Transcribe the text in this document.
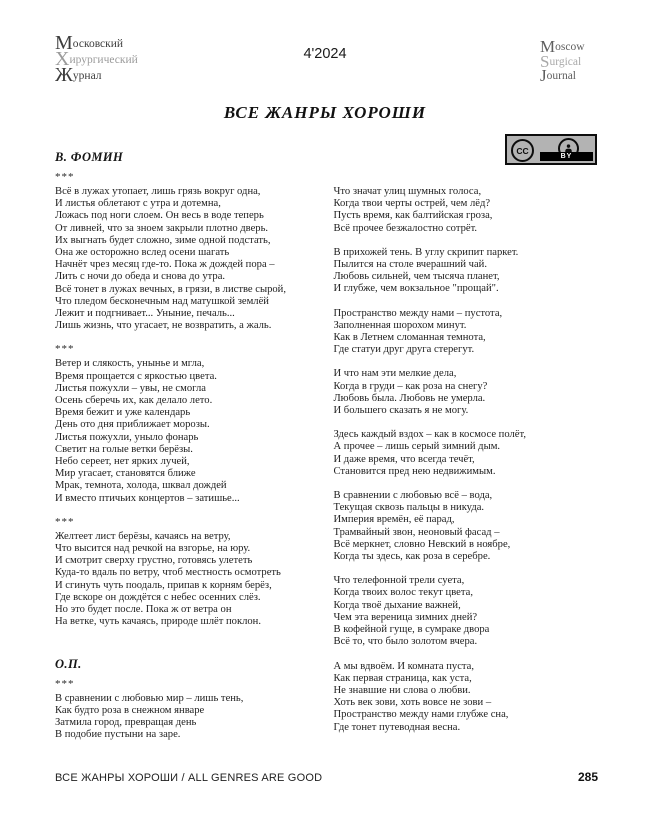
Московский
Хирургический
Журнал
4'2024	Moscow
Surgical
Journal
ВСЕ ЖАНРЫ ХОРОШИ
CC
BY
В. ФОМИН
***
Всё в лужах утопает, лишь грязь вокруг одна,
И листья облетают с утра и дотемна,
Ложась под ноги слоем. Он весь в воде теперь
От ливней, что за зноем закрыли плотно дверь.
Их выгнать будет сложно, зиме одной подстать,
Она же осторожно вслед осени шагать
Начнёт чрез месяц где-то. Пока ж дождей пора –
Лить с ночи до обеда и снова до утра.
Всё тонет в лужах вечных, в грязи, в листве сырой,
Что пледом бесконечным над матушкой землёй
Лежит и подгнивает... Уныние, печаль...
Лишь жизнь, что угасает, не возвратить, а жаль.
***
Ветер и слякость, унынье и мгла,
Время прощается с яркостью цвета.
Листья пожухли – увы, не смогла
Осень сберечь их, как делало лето.
Время бежит и уже календарь
День ото дня приближает морозы.
Листья пожухли, уныло фонарь
Светит на голые ветки берёзы.
Небо сереет, нет ярких лучей,
Мир угасает, становятся ближе
Мрак, темнота, холода, шквал дождей
И вместо птичьих концертов – затишье...
***
Желтеет лист берёзы, качаясь на ветру,
Что высится над речкой на взгорье, на юру.
И смотрит сверху грустно, готовясь улететь
Куда-то вдаль по ветру, чтоб местность осмотреть
И сгинуть чуть поодаль, припав к корням берёз,
Где вскоре он дождётся с небес осенних слёз.
Но это будет после. Пока ж от ветра он
На ветке, чуть качаясь, природе шлёт поклон.
О.П.
***
В сравнении с любовью мир – лишь тень,
Как будто роза в снежном январе
Затмила город, превращая день
В подобие пустыни на заре.
Что значат улиц шумных голоса,
Когда твои черты острей, чем лёд?
Пусть время, как балтийская гроза,
Всё прочее безжалостно сотрёт.
В прихожей тень. В углу скрипит паркет.
Пылится на столе вчерашний чай.
Любовь сильней, чем тысяча планет,
И глубже, чем вокзальное "прощай".
Пространство между нами – пустота,
Заполненная шорохом минут.
Как в Летнем сломанная темнота,
Где статуи друг друга стерегут.
И что нам эти мелкие дела,
Когда в груди – как роза на снегу?
Любовь была. Любовь не умерла.
И большего сказать я не могу.
Здесь каждый вздох – как в космосе полёт,
А прочее – лишь серый зимний дым.
И даже время, что всегда течёт,
Становится пред нею недвижимым.
В сравнении с любовью всё – вода,
Текущая сквозь пальцы в никуда.
Империя времён, её парад,
Трамвайный звон, неоновый фасад –
Всё меркнет, словно Невский в ноябре,
Когда ты здесь, как роза в серебре.
Что телефонной трели суета,
Когда твоих волос текут цвета,
Когда твоё дыхание важней,
Чем эта вереница зимних дней?
В кофейной гуще, в сумраке двора
Всё то, что было золотом вчера.
А мы вдвоём. И комната пуста,
Как первая страница, как уста,
Не знавшие ни слова о любви.
Хоть век зови, хоть вовсе не зови –
Пространство между нами глубже сна,
Где тонет путеводная весна.
ВСЕ ЖАНРЫ ХОРОШИ / ALL GENRES ARE GOOD	285
